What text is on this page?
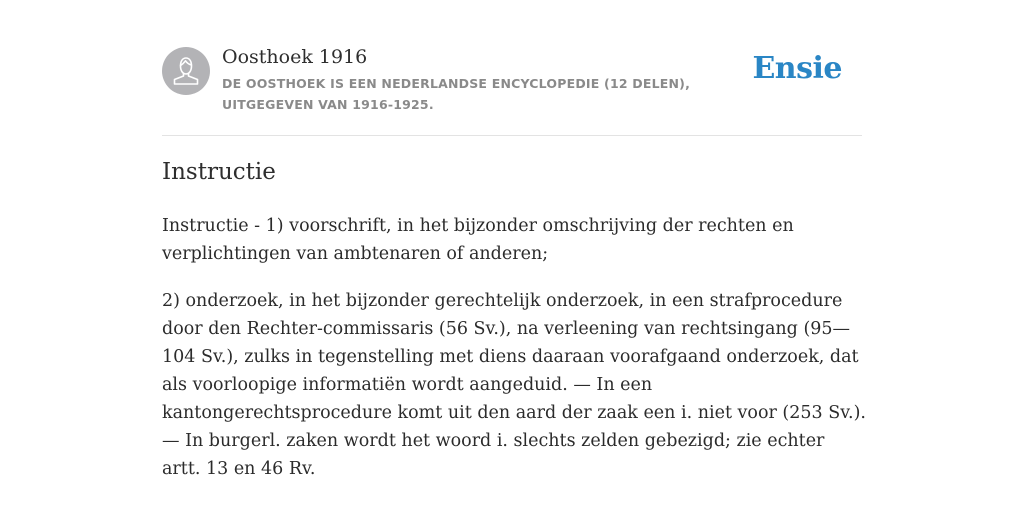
Oosthoek 1916
DE OOSTHOEK IS EEN NEDERLANDSE ENCYCLOPEDIE (12 DELEN), UITGEGEVEN VAN 1916-1925.
Ensie
Instructie

Instructie - 1) voorschrift, in het bijzonder omschrijving der rechten en verplichtingen van ambtenaren of anderen;

2) onderzoek, in het bijzonder gerechtelijk onderzoek, in een strafprocedure door den Rechter-commissaris (56 Sv.), na verleening van rechtsingang (95—104 Sv.), zulks in tegenstelling met diens daaraan voorafgaand onderzoek, dat als voorloopige informatiën wordt aangeduid. — In een kantongerechtsprocedure komt uit den aard der zaak een i. niet voor (253 Sv.). — In burgerl. zaken wordt het woord i. slechts zelden gebezigd; zie echter artt. 13 en 46 Rv.
